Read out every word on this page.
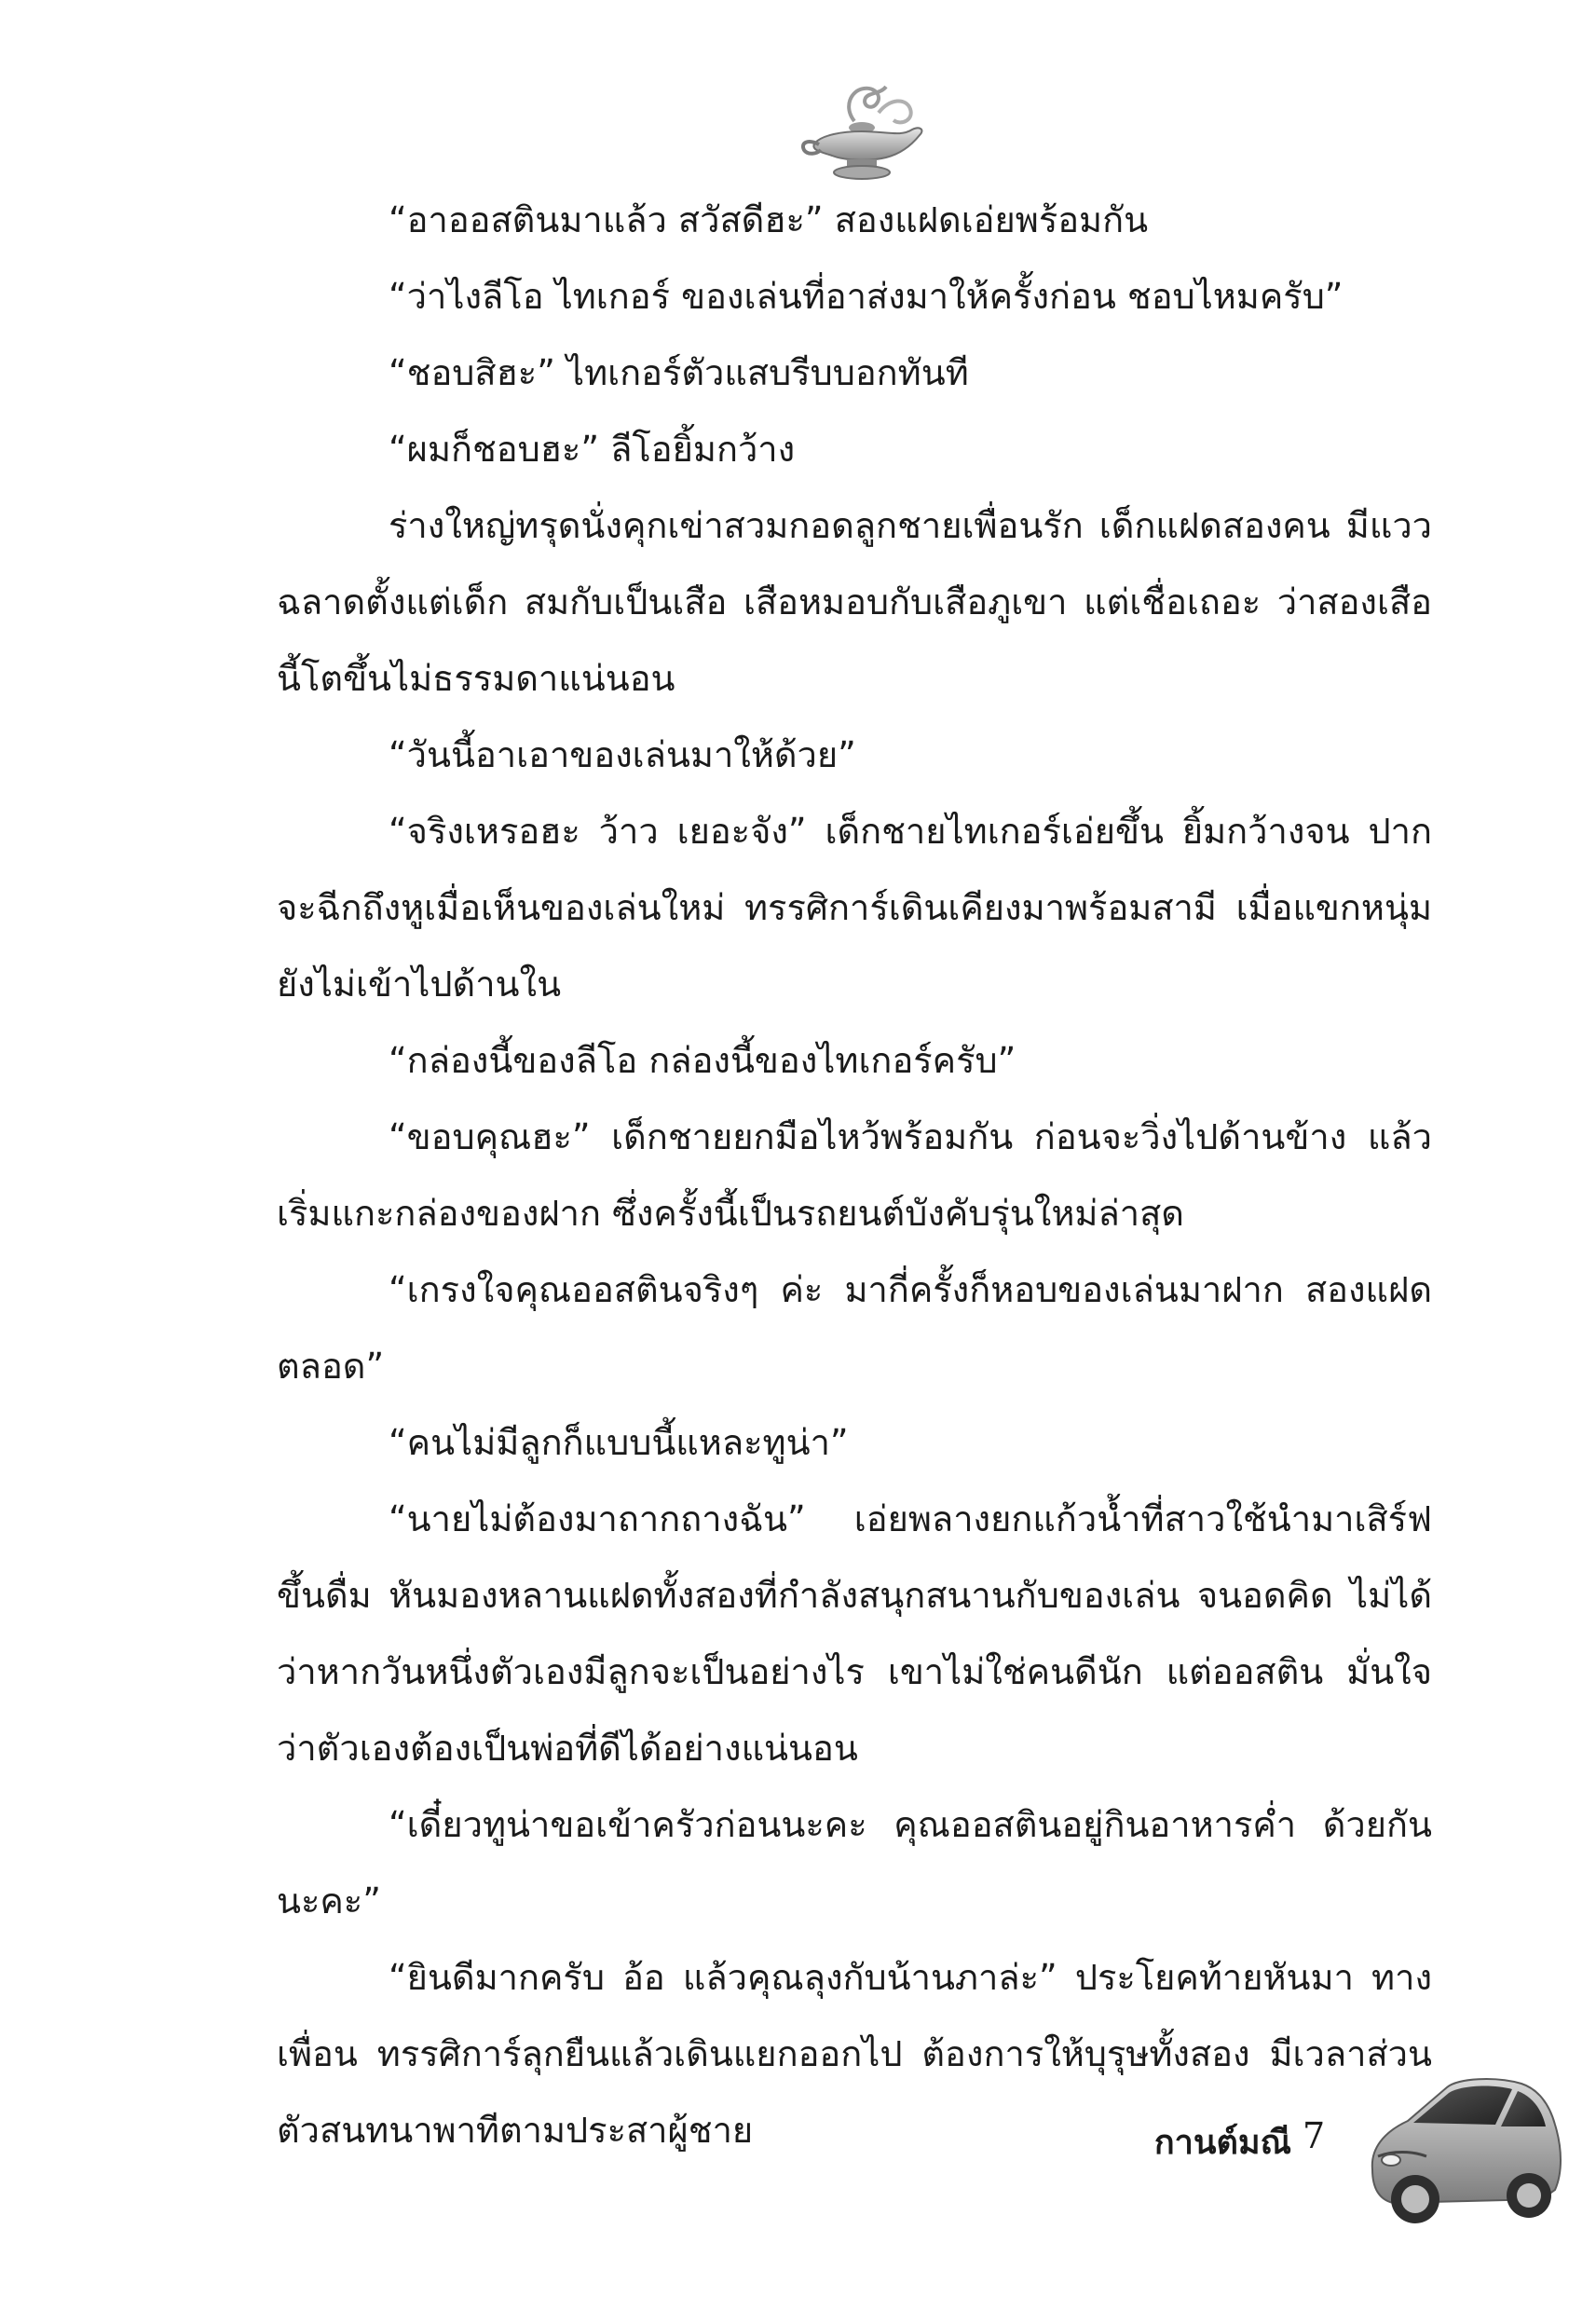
“อาออสตินมาแล้ว สวัสดีฮะ” สองแฝดเอ่ยพร้อมกัน

“ว่าไงลีโอ ไทเกอร์ ของเล่นที่อาส่งมาให้ครั้งก่อน ชอบไหมครับ”

“ชอบสิฮะ” ไทเกอร์ตัวแสบรีบบอกทันที

“ผมก็ชอบฮะ” ลีโอยิ้มกว้าง

ร่างใหญ่ทรุดนั่งคุกเข่าสวมกอดลูกชายเพื่อนรัก เด็กแฝดสองคน มีแววฉลาดตั้งแต่เด็ก สมกับเป็นเสือ เสือหมอบกับเสือภูเขา แต่เชื่อเถอะ ว่าสองเสือนี้โตขึ้นไม่ธรรมดาแน่นอน

“วันนี้อาเอาของเล่นมาให้ด้วย”

“จริงเหรอฮะ ว้าว เยอะจัง” เด็กชายไทเกอร์เอ่ยขึ้น ยิ้มกว้างจน ปากจะฉีกถึงหูเมื่อเห็นของเล่นใหม่ ทรรศิการ์เดินเคียงมาพร้อมสามี เมื่อแขกหนุ่มยังไม่เข้าไปด้านใน

“กล่องนี้ของลีโอ กล่องนี้ของไทเกอร์ครับ”

“ขอบคุณฮะ” เด็กชายยกมือไหว้พร้อมกัน ก่อนจะวิ่งไปด้านข้าง แล้วเริ่มแกะกล่องของฝาก ซึ่งครั้งนี้เป็นรถยนต์บังคับรุ่นใหม่ล่าสุด

“เกรงใจคุณออสตินจริงๆ ค่ะ มากี่ครั้งก็หอบของเล่นมาฝาก สองแฝดตลอด”

“คนไม่มีลูกก็แบบนี้แหละทูน่า”

“นายไม่ต้องมาถากถางฉัน” เอ่ยพลางยกแก้วน้ำที่สาวใช้นำมาเสิร์ฟ ขึ้นดื่ม หันมองหลานแฝดทั้งสองที่กำลังสนุกสนานกับของเล่น จนอดคิด ไม่ได้ว่าหากวันหนึ่งตัวเองมีลูกจะเป็นอย่างไร เขาไม่ใช่คนดีนัก แต่ออสติน มั่นใจว่าตัวเองต้องเป็นพ่อที่ดีได้อย่างแน่นอน

“เดี๋ยวทูน่าขอเข้าครัวก่อนนะคะ คุณออสตินอยู่กินอาหารค่ำ ด้วยกันนะคะ”

“ยินดีมากครับ อ้อ แล้วคุณลุงกับน้านภาล่ะ” ประโยคท้ายหันมา ทางเพื่อน ทรรศิการ์ลุกยืนแล้วเดินแยกออกไป ต้องการให้บุรุษทั้งสอง มีเวลาส่วนตัวสนทนาพาทีตามประสาผู้ชาย	กานต์มณี 7
